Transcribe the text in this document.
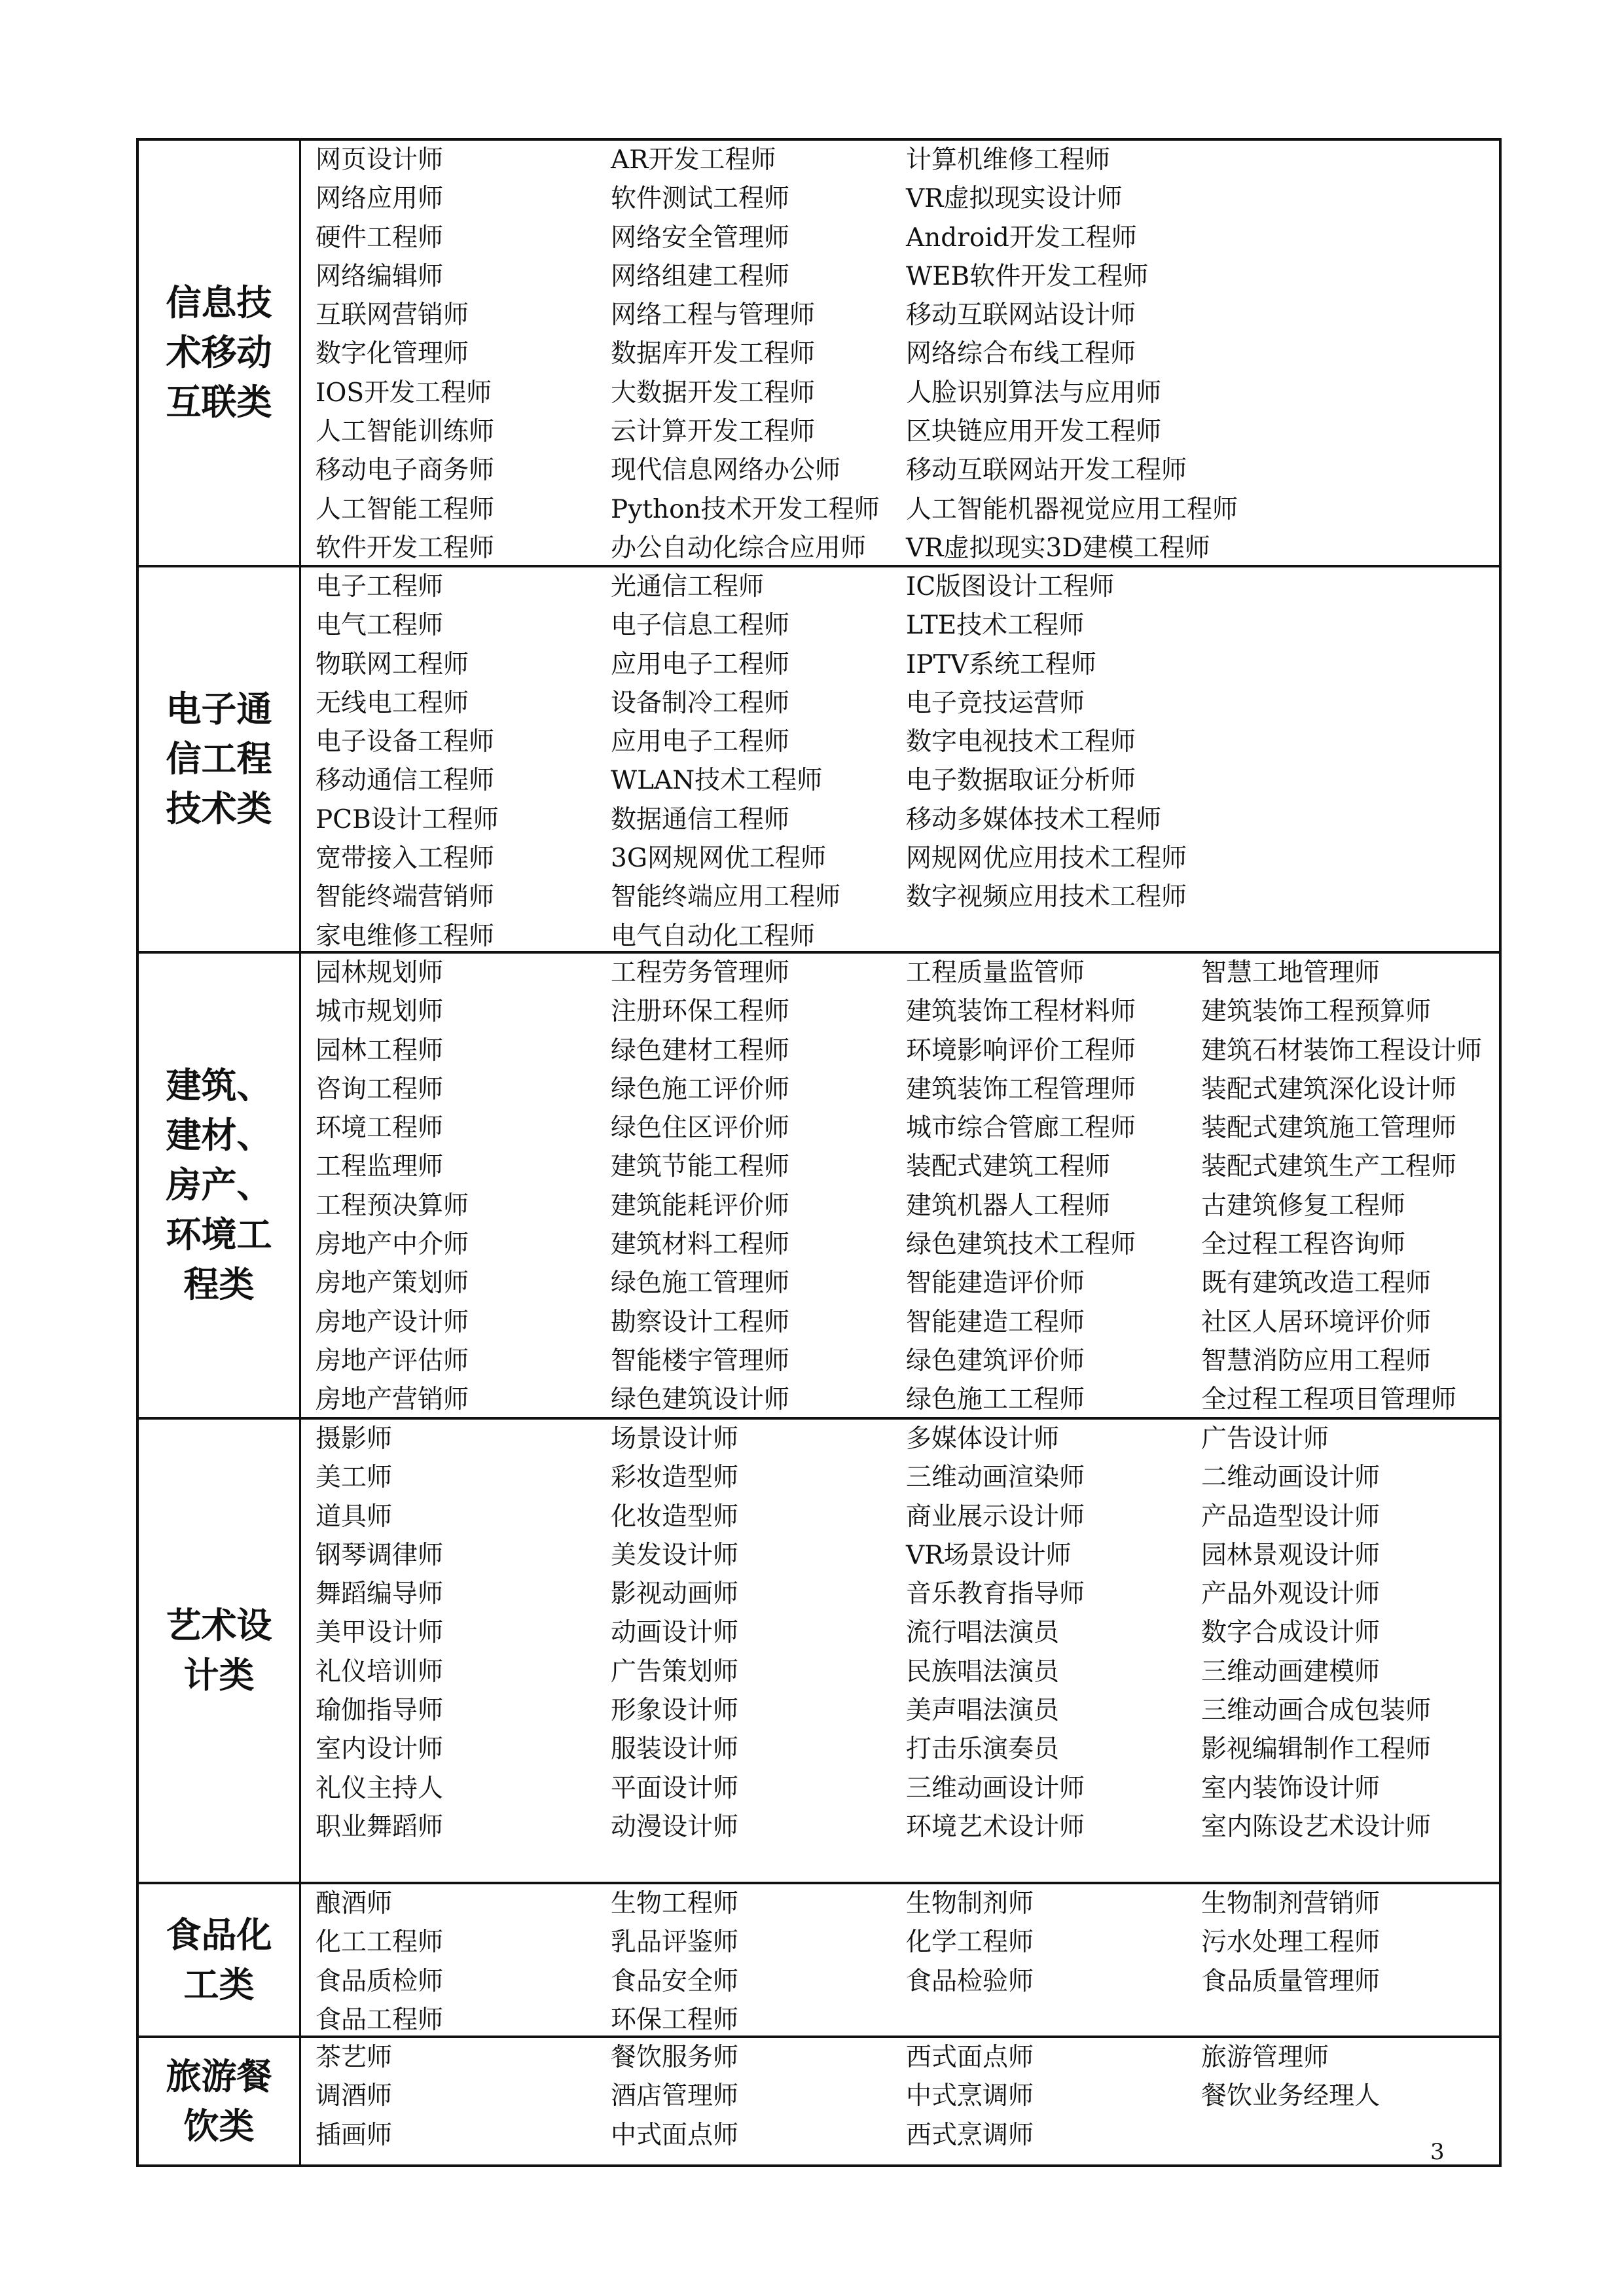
信息技术移动互联类
网页设计师
网络应用师
硬件工程师
网络编辑师
互联网营销师
数字化管理师
IOS开发工程师
人工智能训练师
移动电子商务师
人工智能工程师
软件开发工程师
AR开发工程师
软件测试工程师
网络安全管理师
网络组建工程师
网络工程与管理师
数据库开发工程师
大数据开发工程师
云计算开发工程师
现代信息网络办公师
Python技术开发工程师
办公自动化综合应用师
计算机维修工程师
VR虚拟现实设计师
Android开发工程师
WEB软件开发工程师
移动互联网站设计师
网络综合布线工程师
人脸识别算法与应用师
区块链应用开发工程师
移动互联网站开发工程师
人工智能机器视觉应用工程师
VR虚拟现实3D建模工程师
电子通信工程技术类
电子工程师
电气工程师
物联网工程师
无线电工程师
电子设备工程师
移动通信工程师
PCB设计工程师
宽带接入工程师
智能终端营销师
家电维修工程师
光通信工程师
电子信息工程师
应用电子工程师
设备制冷工程师
应用电子工程师
WLAN技术工程师
数据通信工程师
3G网规网优工程师
智能终端应用工程师
电气自动化工程师
IC版图设计工程师
LTE技术工程师
IPTV系统工程师
电子竞技运营师
数字电视技术工程师
电子数据取证分析师
移动多媒体技术工程师
网规网优应用技术工程师
数字视频应用技术工程师
建筑、建材、房产、环境工程类
园林规划师
城市规划师
园林工程师
咨询工程师
环境工程师
工程监理师
工程预决算师
房地产中介师
房地产策划师
房地产设计师
房地产评估师
房地产营销师
工程劳务管理师
注册环保工程师
绿色建材工程师
绿色施工评价师
绿色住区评价师
建筑节能工程师
建筑能耗评价师
建筑材料工程师
绿色施工管理师
勘察设计工程师
智能楼宇管理师
绿色建筑设计师
工程质量监管师
建筑装饰工程材料师
环境影响评价工程师
建筑装饰工程管理师
城市综合管廊工程师
装配式建筑工程师
建筑机器人工程师
绿色建筑技术工程师
智能建造评价师
智能建造工程师
绿色建筑评价师
绿色施工工程师
智慧工地管理师
建筑装饰工程预算师
建筑石材装饰工程设计师
装配式建筑深化设计师
装配式建筑施工管理师
装配式建筑生产工程师
古建筑修复工程师
全过程工程咨询师
既有建筑改造工程师
社区人居环境评价师
智慧消防应用工程师
全过程工程项目管理师
艺术设计类
摄影师
美工师
道具师
钢琴调律师
舞蹈编导师
美甲设计师
礼仪培训师
瑜伽指导师
室内设计师
礼仪主持人
职业舞蹈师
场景设计师
彩妆造型师
化妆造型师
美发设计师
影视动画师
动画设计师
广告策划师
形象设计师
服装设计师
平面设计师
动漫设计师
多媒体设计师
三维动画渲染师
商业展示设计师
VR场景设计师
音乐教育指导师
流行唱法演员
民族唱法演员
美声唱法演员
打击乐演奏员
三维动画设计师
环境艺术设计师
广告设计师
二维动画设计师
产品造型设计师
园林景观设计师
产品外观设计师
数字合成设计师
三维动画建模师
三维动画合成包装师
影视编辑制作工程师
室内装饰设计师
室内陈设艺术设计师
食品化工类
酿酒师
化工工程师
食品质检师
食品工程师
生物工程师
乳品评鉴师
食品安全师
环保工程师
生物制剂师
化学工程师
食品检验师
生物制剂营销师
污水处理工程师
食品质量管理师
旅游餐饮类
茶艺师
调酒师
插画师
餐饮服务师
酒店管理师
中式面点师
西式面点师
中式烹调师
西式烹调师
旅游管理师
餐饮业务经理人
3
